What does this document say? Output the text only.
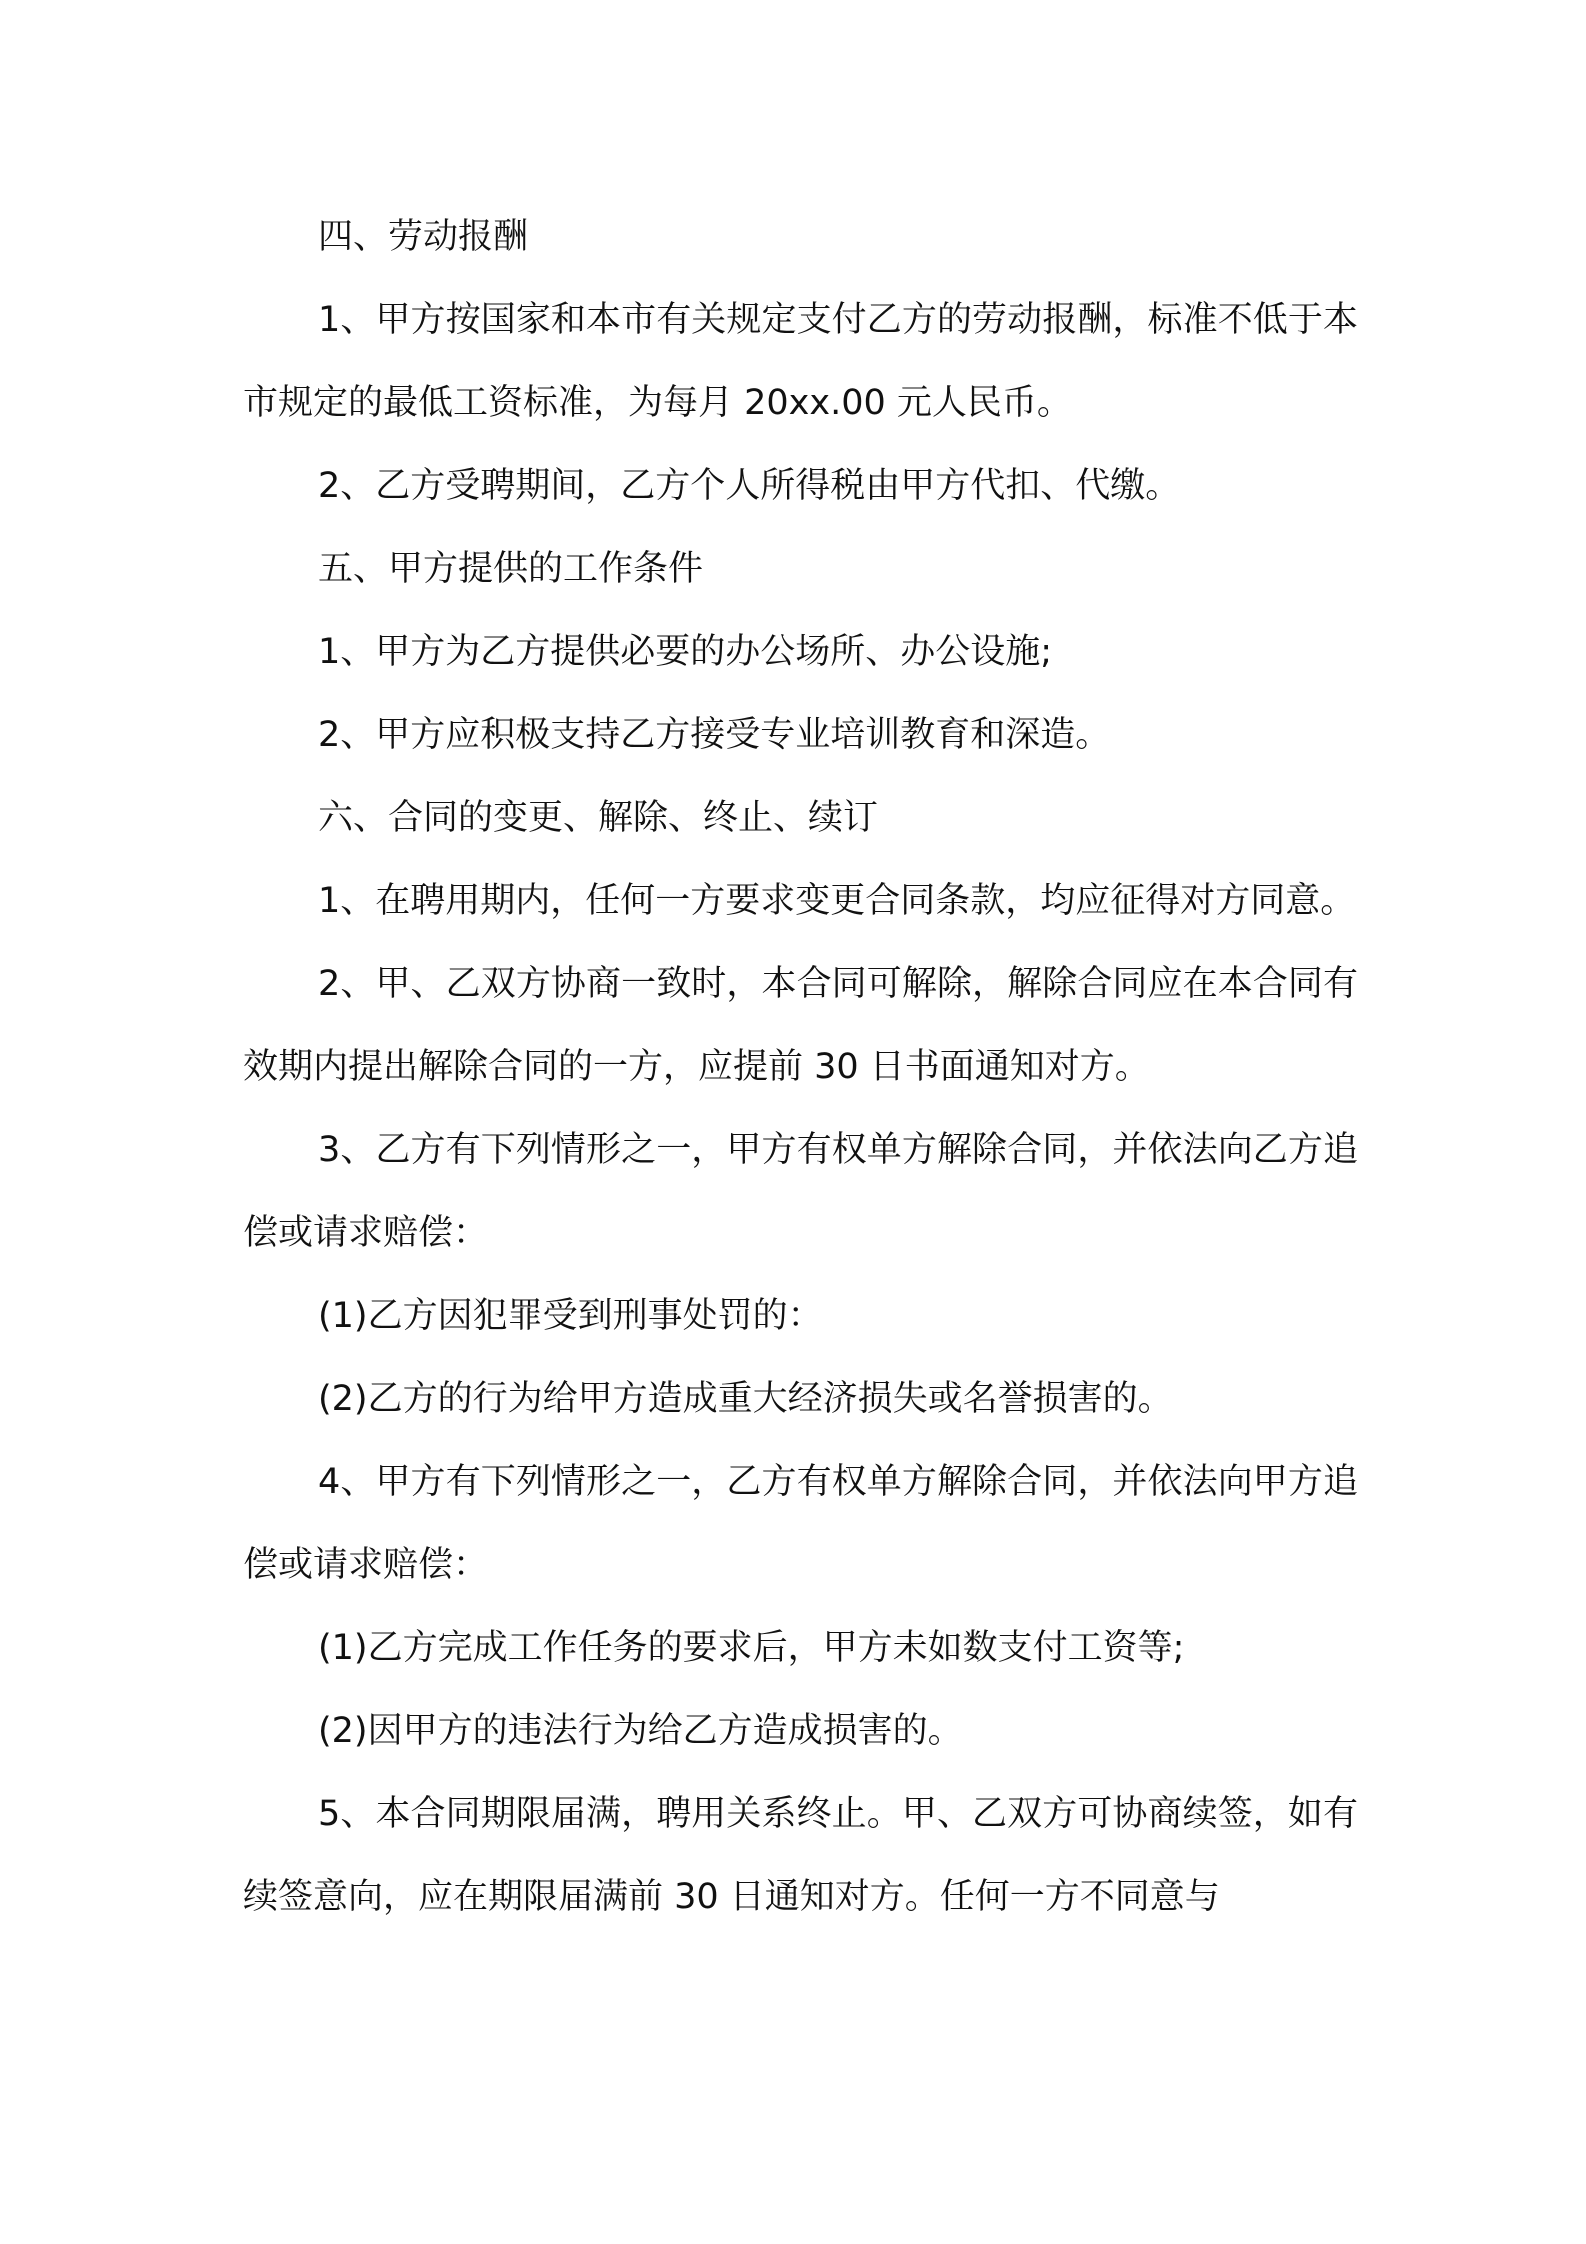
四、劳动报酬

1、甲方按国家和本市有关规定支付乙方的劳动报酬，标准不低于本市规定的最低工资标准，为每月 20xx.00 元人民币。

2、乙方受聘期间，乙方个人所得税由甲方代扣、代缴。

五、甲方提供的工作条件

1、甲方为乙方提供必要的办公场所、办公设施;

2、甲方应积极支持乙方接受专业培训教育和深造。

六、合同的变更、解除、终止、续订

1、在聘用期内，任何一方要求变更合同条款，均应征得对方同意。

2、甲、乙双方协商一致时，本合同可解除，解除合同应在本合同有效期内提出解除合同的一方，应提前 30 日书面通知对方。

3、乙方有下列情形之一，甲方有权单方解除合同，并依法向乙方追偿或请求赔偿：

(1)乙方因犯罪受到刑事处罚的：

(2)乙方的行为给甲方造成重大经济损失或名誉损害的。

4、甲方有下列情形之一，乙方有权单方解除合同，并依法向甲方追偿或请求赔偿：

(1)乙方完成工作任务的要求后，甲方未如数支付工资等;

(2)因甲方的违法行为给乙方造成损害的。

5、本合同期限届满，聘用关系终止。甲、乙双方可协商续签，如有续签意向，应在期限届满前 30 日通知对方。任何一方不同意与
